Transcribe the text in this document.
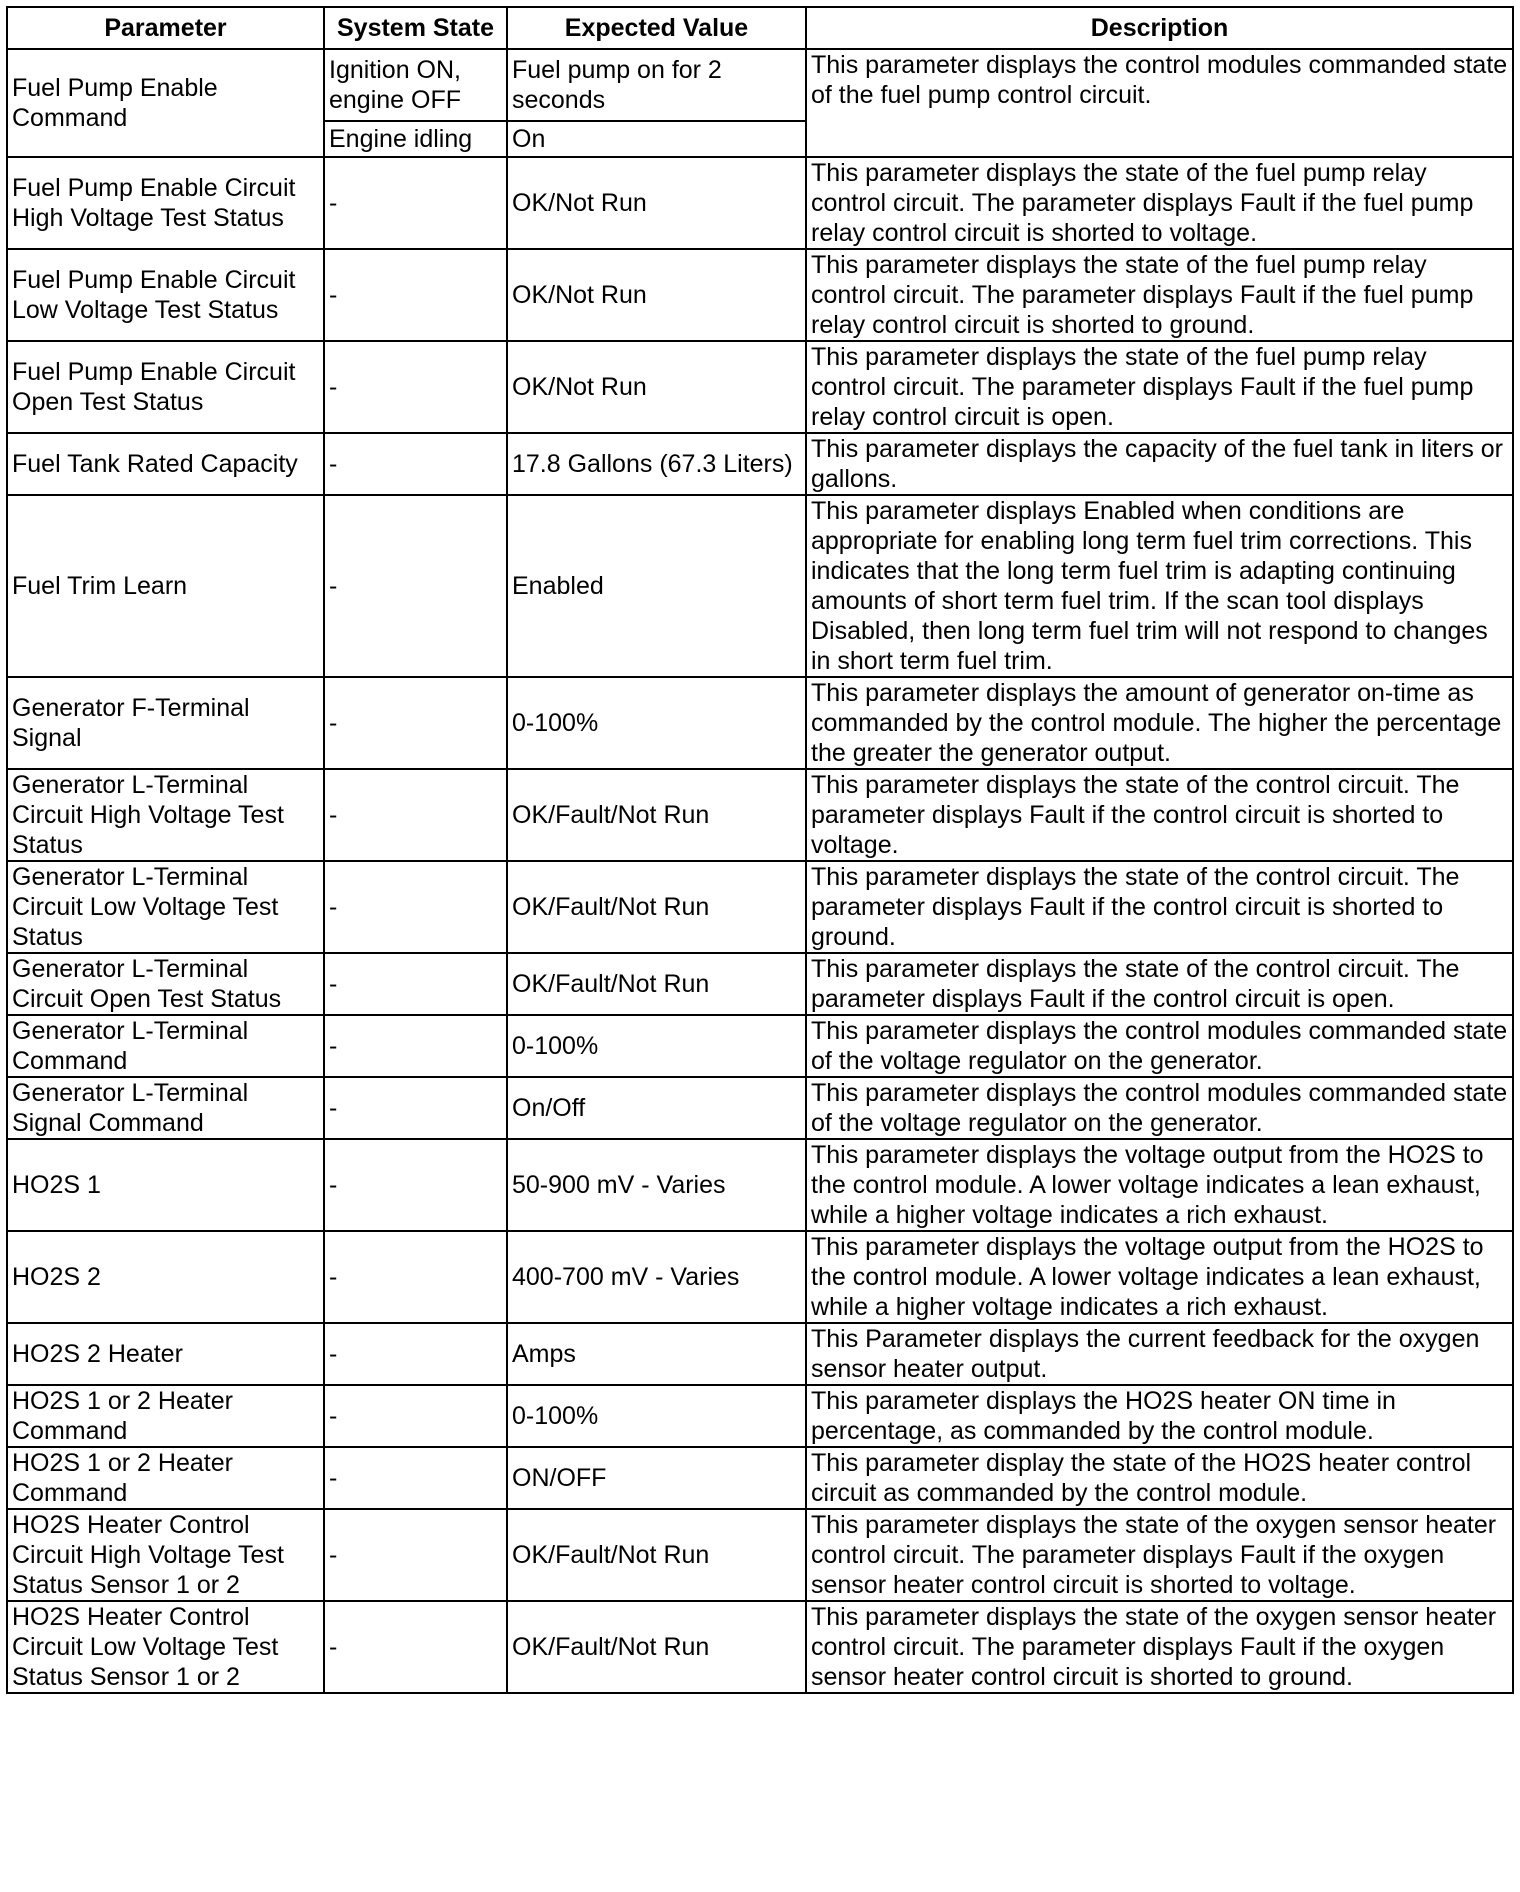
Parameter	System State	Expected Value	Description
Fuel Pump Enable Command	Ignition ON, engine OFF	Fuel pump on for 2 seconds	This parameter displays the control modules commanded state of the fuel pump control circuit.
	Engine idling	On	
Fuel Pump Enable Circuit High Voltage Test Status	-	OK/Not Run	This parameter displays the state of the fuel pump relay control circuit. The parameter displays Fault if the fuel pump relay control circuit is shorted to voltage.
Fuel Pump Enable Circuit Low Voltage Test Status	-	OK/Not Run	This parameter displays the state of the fuel pump relay control circuit. The parameter displays Fault if the fuel pump relay control circuit is shorted to ground.
Fuel Pump Enable Circuit Open Test Status	-	OK/Not Run	This parameter displays the state of the fuel pump relay control circuit. The parameter displays Fault if the fuel pump relay control circuit is open.
Fuel Tank Rated Capacity	-	17.8 Gallons (67.3 Liters)	This parameter displays the capacity of the fuel tank in liters or gallons.
Fuel Trim Learn	-	Enabled	This parameter displays Enabled when conditions are appropriate for enabling long term fuel trim corrections. This indicates that the long term fuel trim is adapting continuing amounts of short term fuel trim. If the scan tool displays Disabled, then long term fuel trim will not respond to changes in short term fuel trim.
Generator F-Terminal Signal	-	0-100%	This parameter displays the amount of generator on-time as commanded by the control module. The higher the percentage the greater the generator output.
Generator L-Terminal Circuit High Voltage Test Status	-	OK/Fault/Not Run	This parameter displays the state of the control circuit. The parameter displays Fault if the control circuit is shorted to voltage.
Generator L-Terminal Circuit Low Voltage Test Status	-	OK/Fault/Not Run	This parameter displays the state of the control circuit. The parameter displays Fault if the control circuit is shorted to ground.
Generator L-Terminal Circuit Open Test Status	-	OK/Fault/Not Run	This parameter displays the state of the control circuit. The parameter displays Fault if the control circuit is open.
Generator L-Terminal Command	-	0-100%	This parameter displays the control modules commanded state of the voltage regulator on the generator.
Generator L-Terminal Signal Command	-	On/Off	This parameter displays the control modules commanded state of the voltage regulator on the generator.
HO2S 1	-	50-900 mV - Varies	This parameter displays the voltage output from the HO2S to the control module. A lower voltage indicates a lean exhaust, while a higher voltage indicates a rich exhaust.
HO2S 2	-	400-700 mV - Varies	This parameter displays the voltage output from the HO2S to the control module. A lower voltage indicates a lean exhaust, while a higher voltage indicates a rich exhaust.
HO2S 2 Heater	-	Amps	This Parameter displays the current feedback for the oxygen sensor heater output.
HO2S 1 or 2 Heater Command	-	0-100%	This parameter displays the HO2S heater ON time in percentage, as commanded by the control module.
HO2S 1 or 2 Heater Command	-	ON/OFF	This parameter display the state of the HO2S heater control circuit as commanded by the control module.
HO2S Heater Control Circuit High Voltage Test Status Sensor 1 or 2	-	OK/Fault/Not Run	This parameter displays the state of the oxygen sensor heater control circuit. The parameter displays Fault if the oxygen sensor heater control circuit is shorted to voltage.
HO2S Heater Control Circuit Low Voltage Test Status Sensor 1 or 2	-	OK/Fault/Not Run	This parameter displays the state of the oxygen sensor heater control circuit. The parameter displays Fault if the oxygen sensor heater control circuit is shorted to ground.
